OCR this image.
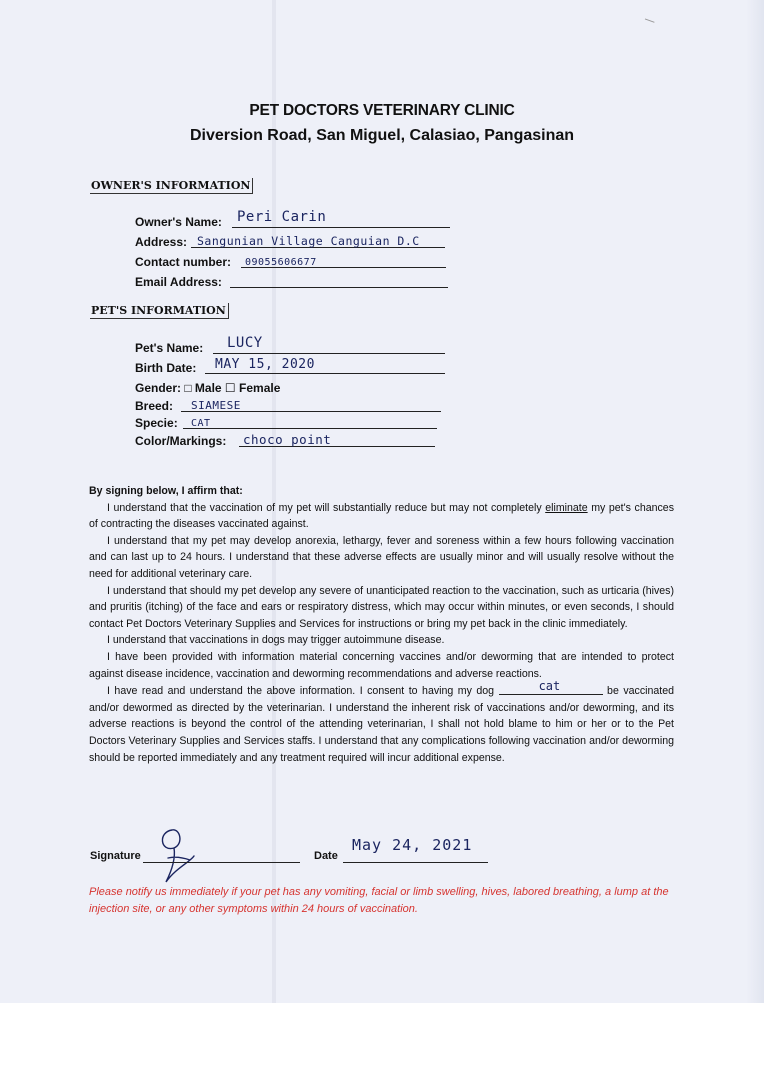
PET DOCTORS VETERINARY CLINIC
Diversion Road, San Miguel, Calasiao, Pangasinan
OWNER'S INFORMATION
Owner's Name: Peri Carin
Address: Sangunian Village Canguian D.C
Contact number: 09055606677
Email Address:
PET'S INFORMATION
Pet's Name: LUCY
Birth Date: MAY 15, 2020
Gender: □ Male ☐ Female
Breed: SIAMESE
Specie: CAT
Color/Markings: choco point

By signing below, I affirm that:

I understand that the vaccination of my pet will substantially reduce but may not completely eliminate my pet's chances of contracting the diseases vaccinated against.

I understand that my pet may develop anorexia, lethargy, fever and soreness within a few hours following vaccination and can last up to 24 hours. I understand that these adverse effects are usually minor and will usually resolve without the need for additional veterinary care.

I understand that should my pet develop any severe of unanticipated reaction to the vaccination, such as urticaria (hives) and pruritis (itching) of the face and ears or respiratory distress, which may occur within minutes, or even seconds, I should contact Pet Doctors Veterinary Supplies and Services for instructions or bring my pet back in the clinic immediately.

I understand that vaccinations in dogs may trigger autoimmune disease.

I have been provided with information material concerning vaccines and/or deworming that are intended to protect against disease incidence, vaccination and deworming recommendations and adverse reactions.

I have read and understand the above information. I consent to having my dog	cat	be vaccinated and/or dewormed as directed by the veterinarian. I understand the inherent risk of vaccinations and/or deworming, and its adverse reactions is beyond the control of the attending veterinarian, I shall not hold blame to him or her or to the Pet Doctors Veterinary Supplies and Services staffs. I understand that any complications following vaccination and/or deworming should be reported immediately and any treatment required will incur additional expense.

Signature	Date
May 24, 2021
Please notify us immediately if your pet has any vomiting, facial or limb swelling, hives, labored breathing, a lump at the injection site, or any other symptoms within 24 hours of vaccination.
